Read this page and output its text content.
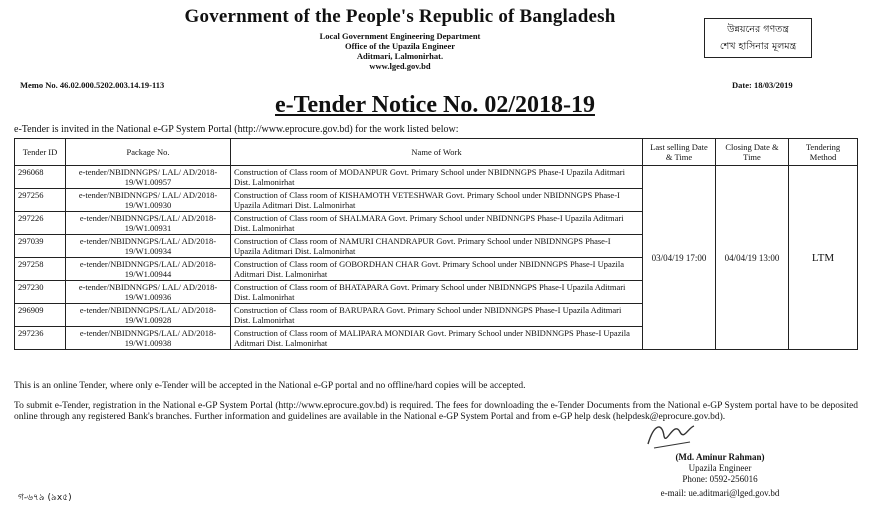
Government of the People's Republic of Bangladesh
Local Government Engineering Department
Office of the Upazila Engineer
Aditmari, Lalmonirhat.
www.lged.gov.bd
উন্নয়নের গণতন্ত্র
শেখ হাসিনার মূলমন্ত্র
Memo No. 46.02.000.5202.003.14.19-113	Date: 18/03/2019
e-Tender Notice No. 02/2018-19
e-Tender is invited in the National e-GP System Portal (http://www.eprocure.gov.bd) for the work listed below:
Tender ID	Package No.	Name of Work	Last selling Date & Time	Closing Date & Time	Tendering Method
296068	e-tender/NBIDNNGPS/ LAL/ AD/2018-19/W1.00957	Construction of Class room of MODANPUR Govt. Primary School under NBIDNNGPS Phase-I Upazila Aditmari Dist. Lalmonirhat	03/04/19 17:00	04/04/19 13:00	LTM
297256	e-tender/NBIDNNGPS/ LAL/ AD/2018-19/W1.00930	Construction of Class room of KISHAMOTH VETESHWAR Govt. Primary School under NBIDNNGPS Phase-I Upazila Aditmari Dist. Lalmonirhat			
297226	e-tender/NBIDNNGPS/LAL/ AD/2018-19/W1.00931	Construction of Class room of SHALMARA Govt. Primary School under NBIDNNGPS Phase-I Upazila Aditmari Dist. Lalmonirhat			
297039	e-tender/NBIDNNGPS/LAL/ AD/2018-19/W1.00934	Construction of Class room of NAMURI CHANDRAPUR Govt. Primary School under NBIDNNGPS Phase-I Upazila Aditmari Dist. Lalmonirhat			
297258	e-tender/NBIDNNGPS/LAL/ AD/2018-19/W1.00944	Construction of Class room of GOBORDHAN CHAR Govt. Primary School under NBIDNNGPS Phase-I Upazila Aditmari Dist. Lalmonirhat			
297230	e-tender/NBIDNNGPS/ LAL/ AD/2018-19/W1.00936	Construction of Class room of BHATAPARA Govt. Primary School under NBIDNNGPS Phase-I Upazila Aditmari Dist. Lalmonirhat			
296909	e-tender/NBIDNNGPS/LAL/ AD/2018-19/W1.00928	Construction of Class room of BARUPARA Govt. Primary School under NBIDNNGPS Phase-I Upazila Aditmari Dist. Lalmonirhat			
297236	e-tender/NBIDNNGPS/LAL/ AD/2018-19/W1.00938	Construction of Class room of MALIPARA MONDIAR Govt. Primary School under NBIDNNGPS Phase-I Upazila Aditmari Dist. Lalmonirhat			
This is an online Tender, where only e-Tender will be accepted in the National e-GP portal and no offline/hard copies will be accepted.
To submit e-Tender, registration in the National e-GP System Portal (http://www.eprocure.gov.bd) is required. The fees for downloading the e-Tender Documents from the National e-GP System portal have to be deposited online through any registered Bank's branches. Further information and guidelines are available in the National e-GP System Portal and from e-GP help desk (helpdesk@eprocure.gov.bd).
(Md. Aminur Rahman)
Upazila Engineer
Phone: 0592-256016
e-mail: ue.aditmari@lged.gov.bd
গ-৬৭৯ (৯x৫)
